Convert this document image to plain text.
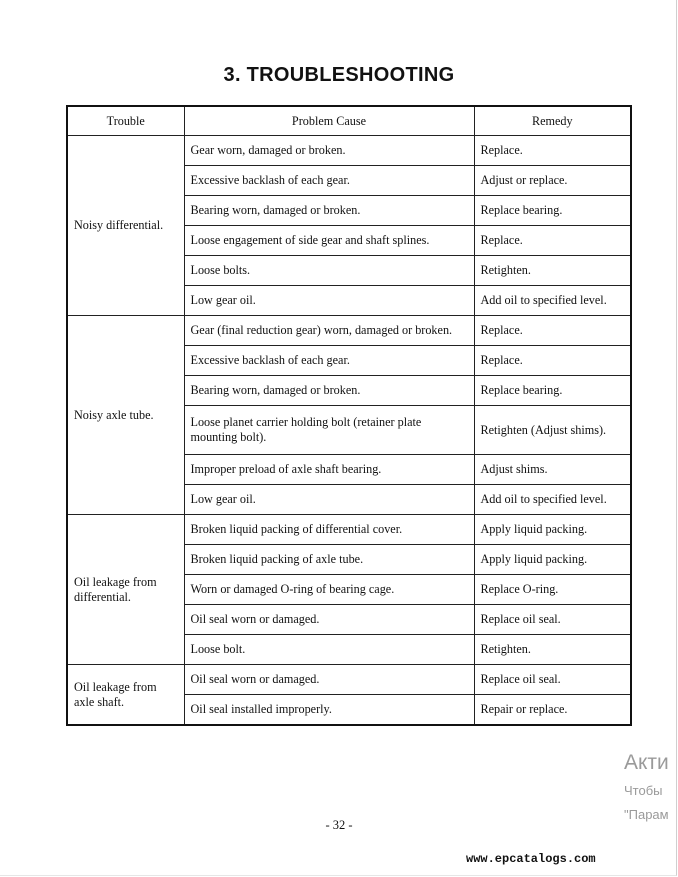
3. TROUBLESHOOTING
Trouble	Problem Cause	Remedy
Noisy differential.	Gear worn, damaged or broken.	Replace.
	Excessive backlash of each gear.	Adjust or replace.
	Bearing worn, damaged or broken.	Replace bearing.
	Loose engagement of side gear and shaft splines.	Replace.
	Loose bolts.	Retighten.
	Low gear oil.	Add oil to specified level.
Noisy axle tube.	Gear (final reduction gear) worn, damaged or broken.	Replace.
	Excessive backlash of each gear.	Replace.
	Bearing worn, damaged or broken.	Replace bearing.
	Loose planet carrier holding bolt (retainer plate mounting bolt).	Retighten (Adjust shims).
	Improper preload of axle shaft bearing.	Adjust shims.
	Low gear oil.	Add oil to specified level.
Oil leakage from differential.	Broken liquid packing of differential cover.	Apply liquid packing.
	Broken liquid packing of axle tube.	Apply liquid packing.
	Worn or damaged O-ring of bearing cage.	Replace O-ring.
	Oil seal worn or damaged.	Replace oil seal.
	Loose bolt.	Retighten.
Oil leakage from axle shaft.	Oil seal worn or damaged.	Replace oil seal.
	Oil seal installed improperly.	Repair or replace.
Акти
Чтобы
"Парам
- 32 -
www.epcatalogs.com
